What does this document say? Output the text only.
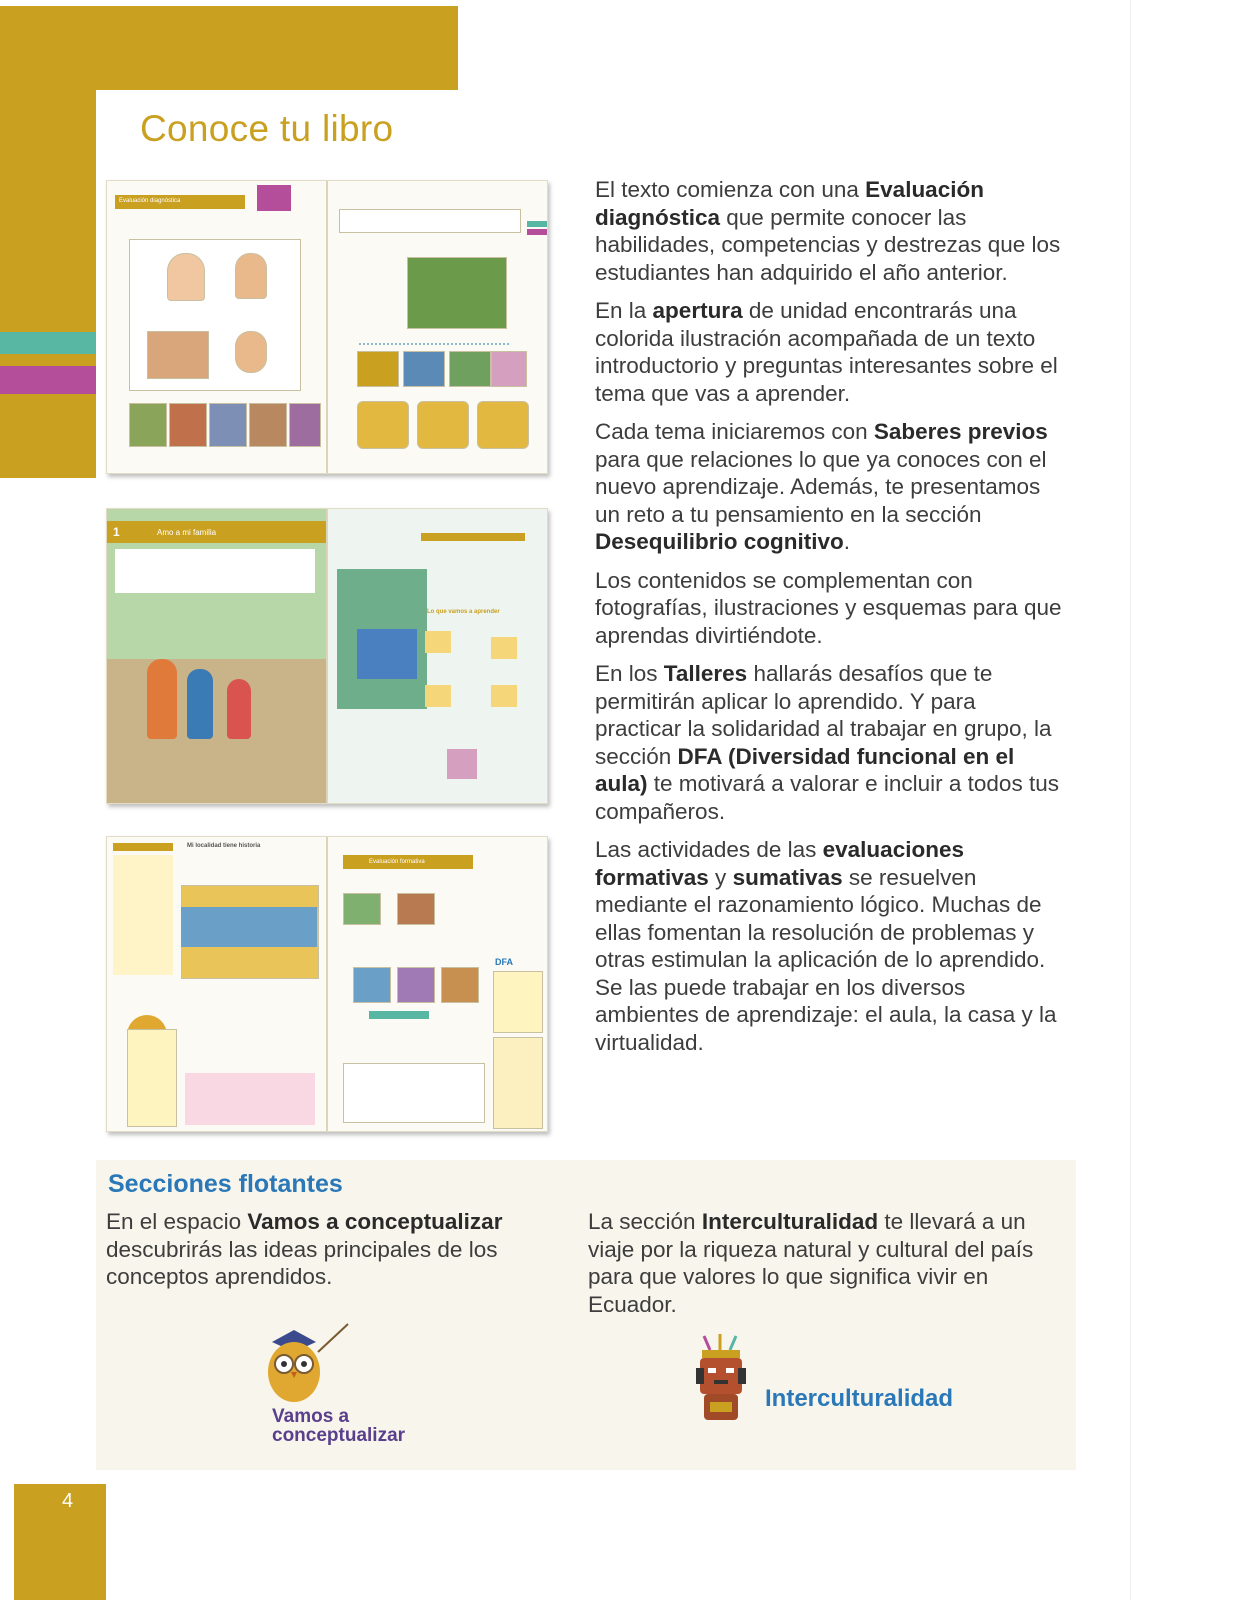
Conoce tu libro
Evaluación diagnóstica
1	Amo a mi familia
Lo que vamos a aprender
Mi localidad tiene historia
Evaluación formativa
DFA

El texto comienza con una Evaluación diagnóstica que permite conocer las habilidades, competencias y destrezas que los estudiantes han adquirido el año anterior.

En la apertura de unidad encontrarás una colorida ilustración acompañada de un texto introductorio y preguntas interesantes sobre el tema que vas a aprender.

Cada tema iniciaremos con Saberes previos para que relaciones lo que ya conoces con el nuevo aprendizaje. Además, te presentamos un reto a tu pensamiento en la sección Desequilibrio cognitivo.

Los contenidos se complementan con fotografías, ilustraciones y esquemas para que aprendas divirtiéndote.

En los Talleres hallarás desafíos que te permitirán aplicar lo aprendido. Y para practicar la solidaridad al trabajar en grupo, la sección DFA (Diversidad funcional en el aula) te motivará a valorar e incluir a todos tus compañeros.

Las actividades de las evaluaciones formativas y sumativas se resuelven mediante el razonamiento lógico. Muchas de ellas fomentan la resolución de problemas y otras estimulan la aplicación de lo aprendido. Se las puede trabajar en los diversos ambientes de aprendizaje: el aula, la casa y la virtualidad.

Secciones flotantes

En el espacio Vamos a conceptualizar descubrirás las ideas principales de los conceptos aprendidos.

La sección Interculturalidad te llevará a un viaje por la riqueza natural y cultural del país para que valores lo que significa vivir en Ecuador.

Vamos a conceptualizar
Interculturalidad
4
